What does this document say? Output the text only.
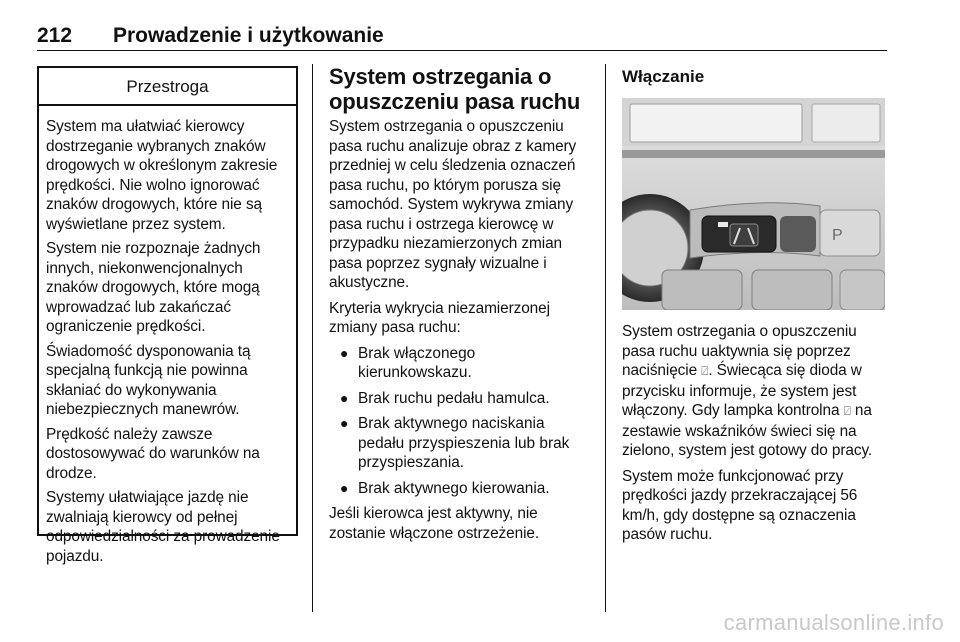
212 Prowadzenie i użytkowanie
Przestroga

System ma ułatwiać kierowcy dostrzeganie wybranych znaków drogowych w określonym zakresie prędkości. Nie wolno ignorować znaków drogowych, które nie są wyświetlane przez system.

System nie rozpoznaje żadnych innych, niekonwencjonalnych znaków drogowych, które mogą wprowadzać lub zakańczać ograniczenie prędkości.

Świadomość dysponowania tą specjalną funkcją nie powinna skłaniać do wykonywania niebezpiecznych manewrów.

Prędkość należy zawsze dostosowywać do warunków na drodze.

Systemy ułatwiające jazdę nie zwalniają kierowcy od pełnej odpowiedzialności za prowadzenie pojazdu.

System ostrzegania o opuszczeniu pasa ruchu

System ostrzegania o opuszczeniu pasa ruchu analizuje obraz z kamery przedniej w celu śledzenia oznaczeń pasa ruchu, po którym porusza się samochód. System wykrywa zmiany pasa ruchu i ostrzega kierowcę w przypadku niezamierzonych zmian pasa poprzez sygnały wizualne i akustyczne.

Kryteria wykrycia niezamierzonej zmiany pasa ruchu:

● Brak włączonego kierunkowskazu.
● Brak ruchu pedału hamulca.
● Brak aktywnego naciskania pedału przyspieszenia lub brak przyspieszania.
● Brak aktywnego kierowania.

Jeśli kierowca jest aktywny, nie zostanie włączone ostrzeżenie.

Włączanie
P

System ostrzegania o opuszczeniu pasa ruchu uaktywnia się poprzez naciśnięcie ⍁. Świecąca się dioda w przycisku informuje, że system jest włączony. Gdy lampka kontrolna ⍁ na zestawie wskaźników świeci się na zielono, system jest gotowy do pracy.

System może funkcjonować przy prędkości jazdy przekraczającej 56 km/h, gdy dostępne są oznaczenia pasów ruchu.

carmanualsonline.info
